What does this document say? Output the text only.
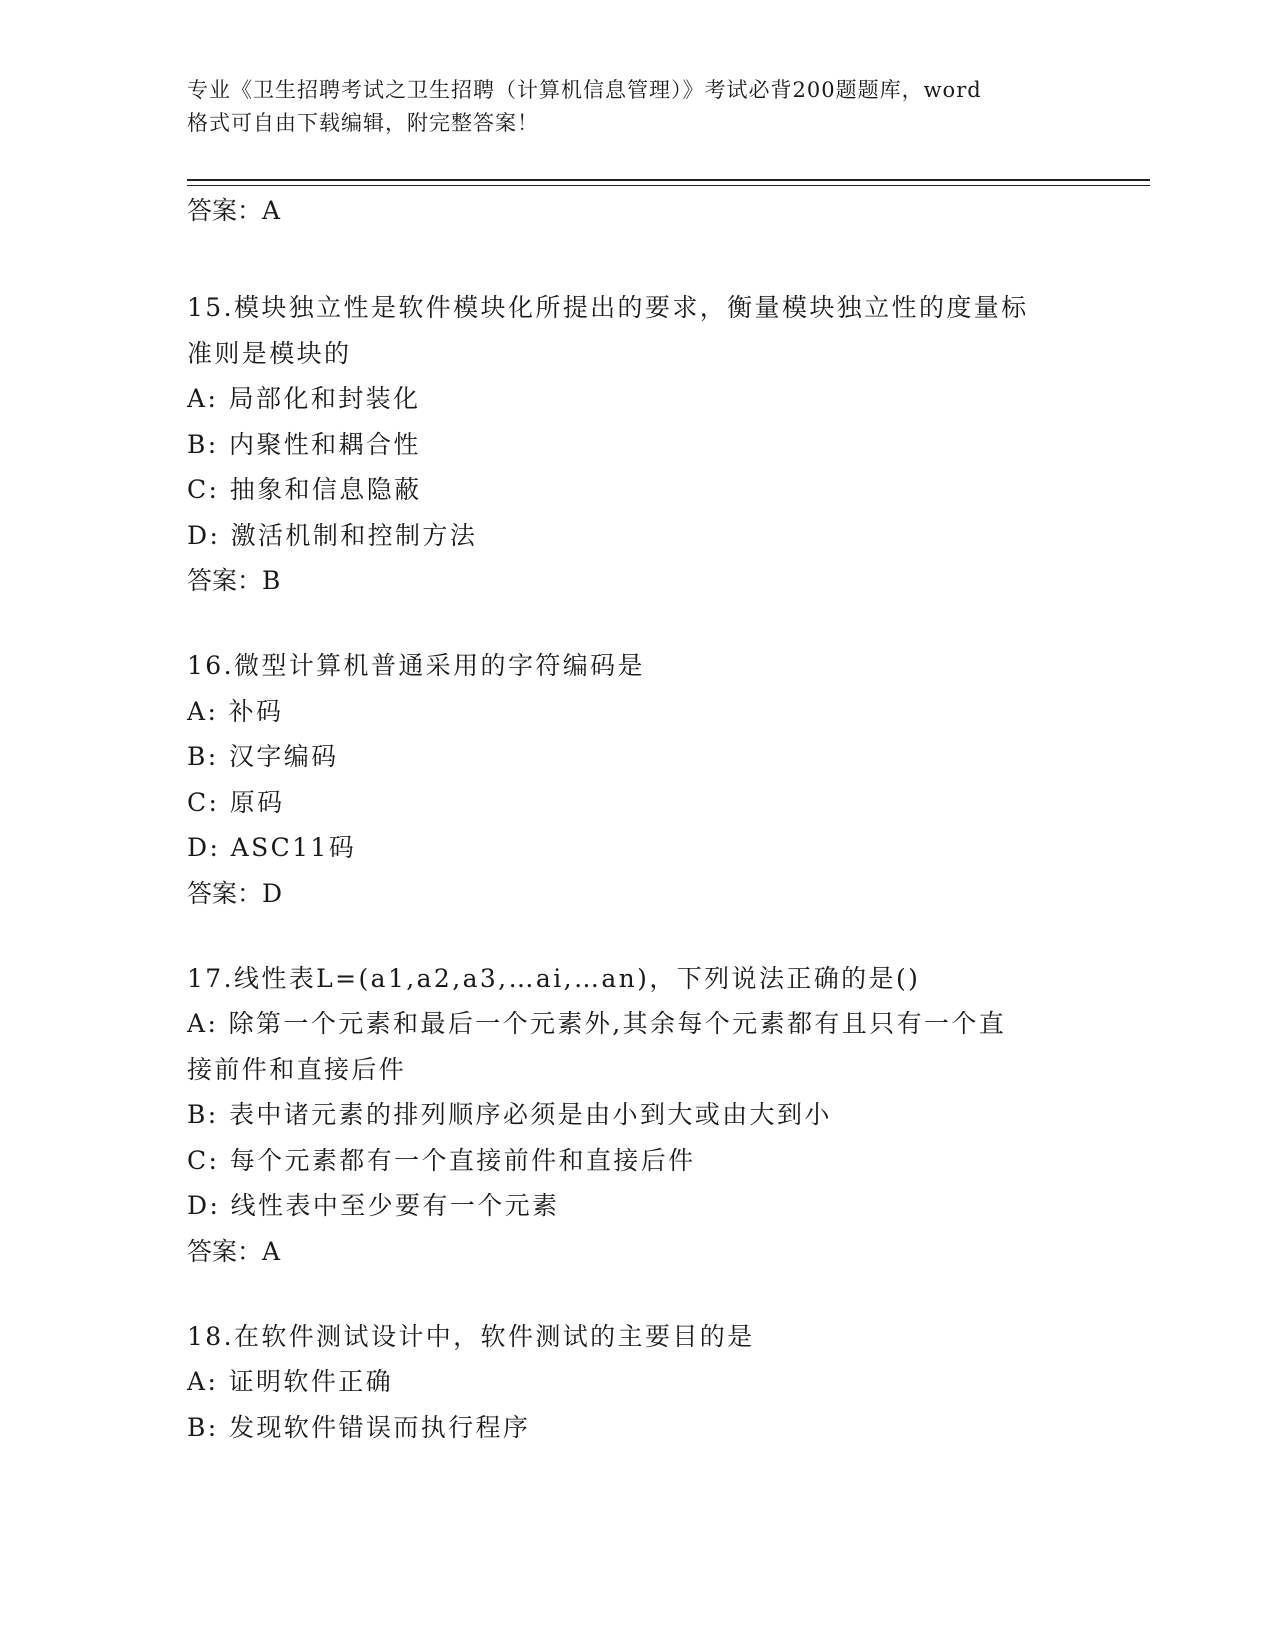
专业《卫生招聘考试之卫生招聘（计算机信息管理）》考试必背200题题库，word
格式可自由下载编辑，附完整答案！

答案：A

15.模块独立性是软件模块化所提出的要求，衡量模块独立性的度量标

准则是模块的

A: 局部化和封装化

B: 内聚性和耦合性

C: 抽象和信息隐蔽

D: 激活机制和控制方法

答案：B

16.微型计算机普通采用的字符编码是

A: 补码

B: 汉字编码

C: 原码

D: ASC11码

答案：D

17.线性表L=(a1,a2,a3,…ai,…an)，下列说法正确的是()

A: 除第一个元素和最后一个元素外,其余每个元素都有且只有一个直

接前件和直接后件

B: 表中诸元素的排列顺序必须是由小到大或由大到小

C: 每个元素都有一个直接前件和直接后件

D: 线性表中至少要有一个元素

答案：A

18.在软件测试设计中，软件测试的主要目的是

A: 证明软件正确

B: 发现软件错误而执行程序
